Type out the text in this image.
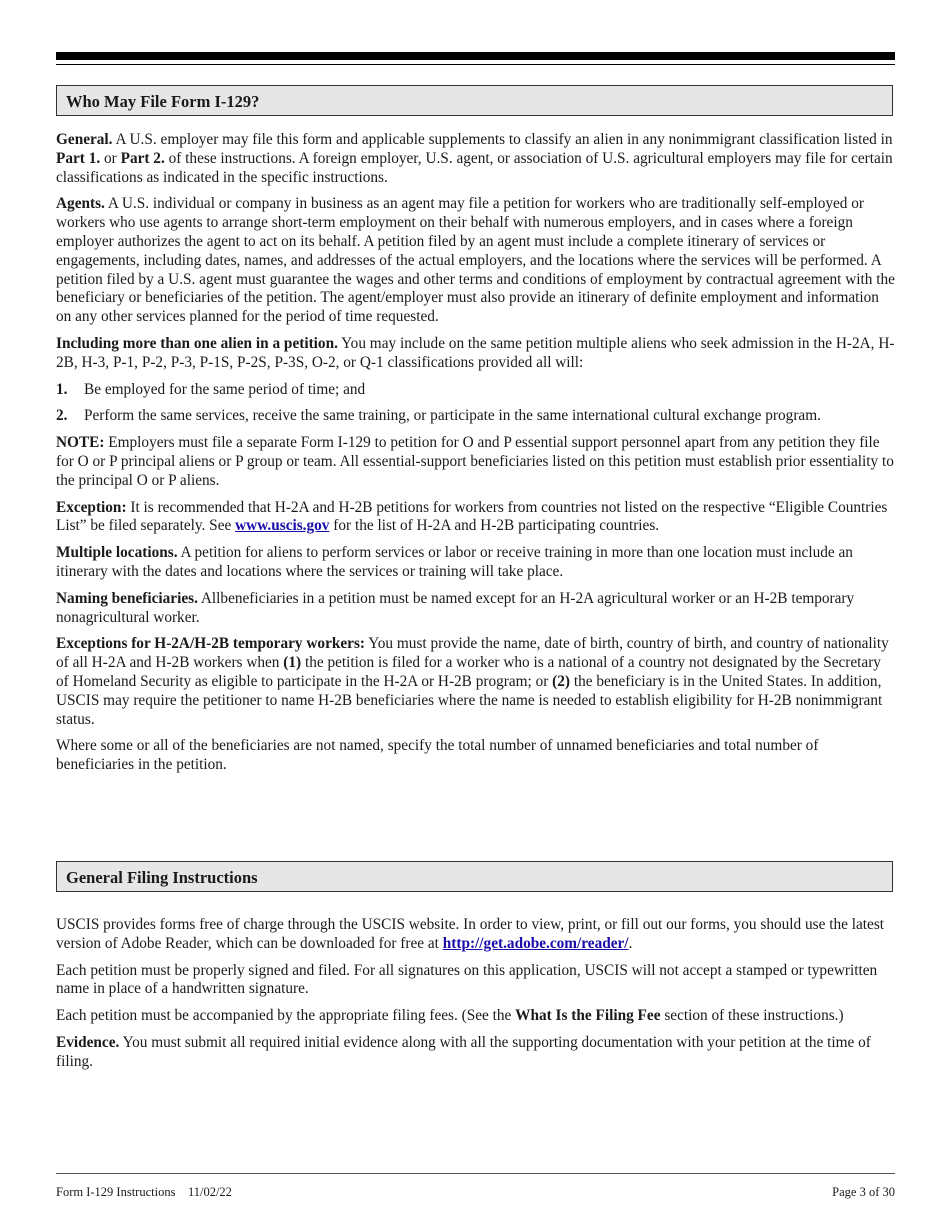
Who May File Form I-129?

General. A U.S. employer may file this form and applicable supplements to classify an alien in any nonimmigrant classification listed in Part 1. or Part 2. of these instructions. A foreign employer, U.S. agent, or association of U.S. agricultural employers may file for certain classifications as indicated in the specific instructions.

Agents. A U.S. individual or company in business as an agent may file a petition for workers who are traditionally self-employed or workers who use agents to arrange short-term employment on their behalf with numerous employers, and in cases where a foreign employer authorizes the agent to act on its behalf. A petition filed by an agent must include a complete itinerary of services or engagements, including dates, names, and addresses of the actual employers, and the locations where the services will be performed. A petition filed by a U.S. agent must guarantee the wages and other terms and conditions of employment by contractual agreement with the beneficiary or beneficiaries of the petition. The agent/employer must also provide an itinerary of definite employment and information on any other services planned for the period of time requested.

Including more than one alien in a petition. You may include on the same petition multiple aliens who seek admission in the H-2A, H-2B, H-3, P-1, P-2, P-3, P-1S, P-2S, P-3S, O-2, or Q-1 classifications provided all will:

1.	Be employed for the same period of time; and
2.	Perform the same services, receive the same training, or participate in the same international cultural exchange program.

NOTE: Employers must file a separate Form I-129 to petition for O and P essential support personnel apart from any petition they file for O or P principal aliens or P group or team. All essential-support beneficiaries listed on this petition must establish prior essentiality to the principal O or P aliens.

Exception: It is recommended that H-2A and H-2B petitions for workers from countries not listed on the respective “Eligible Countries List” be filed separately. See www.uscis.gov for the list of H-2A and H-2B participating countries.

Multiple locations. A petition for aliens to perform services or labor or receive training in more than one location must include an itinerary with the dates and locations where the services or training will take place.

Naming beneficiaries. Allbeneficiaries in a petition must be named except for an H-2A agricultural worker or an H-2B temporary nonagricultural worker.

Exceptions for H-2A/H-2B temporary workers: You must provide the name, date of birth, country of birth, and country of nationality of all H-2A and H-2B workers when (1) the petition is filed for a worker who is a national of a country not designated by the Secretary of Homeland Security as eligible to participate in the H-2A or H-2B program; or (2) the beneficiary is in the United States. In addition, USCIS may require the petitioner to name H-2B beneficiaries where the name is needed to establish eligibility for H-2B nonimmigrant status.

Where some or all of the beneficiaries are not named, specify the total number of unnamed beneficiaries and total number of beneficiaries in the petition.

General Filing Instructions

USCIS provides forms free of charge through the USCIS website. In order to view, print, or fill out our forms, you should use the latest version of Adobe Reader, which can be downloaded for free at http://get.adobe.com/reader/.

Each petition must be properly signed and filed. For all signatures on this application, USCIS will not accept a stamped or typewritten name in place of a handwritten signature.

Each petition must be accompanied by the appropriate filing fees. (See the What Is the Filing Fee section of these instructions.)

Evidence. You must submit all required initial evidence along with all the supporting documentation with your petition at the time of filing.

Form I-129 Instructions 11/02/22	Page 3 of 30
